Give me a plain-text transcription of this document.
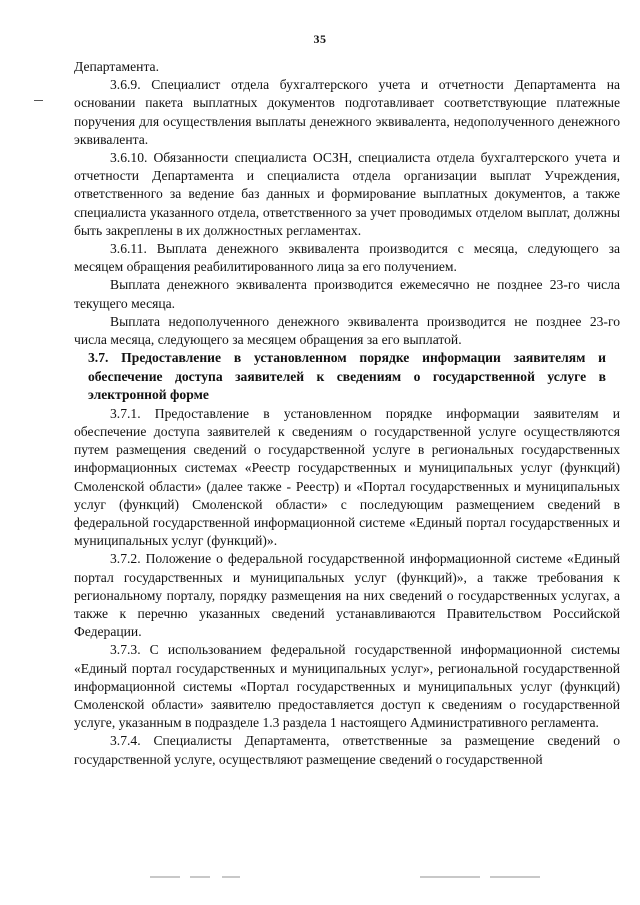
35

Департамента.

3.6.9. Специалист отдела бухгалтерского учета и отчетности Департамента на основании пакета выплатных документов подготавливает соответствующие платежные поручения для осуществления выплаты денежного эквивалента, недополученного денежного эквивалента.

3.6.10. Обязанности специалиста ОСЗН, специалиста отдела бухгалтерского учета и отчетности Департамента и специалиста отдела организации выплат Учреждения, ответственного за ведение баз данных и формирование выплатных документов, а также специалиста указанного отдела, ответственного за учет проводимых отделом выплат, должны быть закреплены в их должностных регламентах.

3.6.11. Выплата денежного эквивалента производится с месяца, следующего за месяцем обращения реабилитированного лица за его получением.

Выплата денежного эквивалента производится ежемесячно не позднее 23-го числа текущего месяца.

Выплата недополученного денежного эквивалента производится не позднее 23-го числа месяца, следующего за месяцем обращения за его выплатой.

3.7. Предоставление в установленном порядке информации заявителям и обеспечение доступа заявителей к сведениям о государственной услуге в электронной форме

3.7.1. Предоставление в установленном порядке информации заявителям и обеспечение доступа заявителей к сведениям о государственной услуге осуществляются путем размещения сведений о государственной услуге в региональных государственных информационных системах «Реестр государственных и муниципальных услуг (функций) Смоленской области» (далее также - Реестр) и «Портал государственных и муниципальных услуг (функций) Смоленской области» с последующим размещением сведений в федеральной государственной информационной системе «Единый портал государственных и муниципальных услуг (функций)».

3.7.2. Положение о федеральной государственной информационной системе «Единый портал государственных и муниципальных услуг (функций)», а также требования к региональному порталу, порядку размещения на них сведений о государственных услугах, а также к перечню указанных сведений устанавливаются Правительством Российской Федерации.

3.7.3. С использованием федеральной государственной информационной системы «Единый портал государственных и муниципальных услуг», региональной государственной информационной системы «Портал государственных и муниципальных услуг (функций) Смоленской области» заявителю предоставляется доступ к сведениям о государственной услуге, указанным в подразделе 1.3 раздела 1 настоящего Административного регламента.

3.7.4. Специалисты Департамента, ответственные за размещение сведений о государственной услуге, осуществляют размещение сведений о государственной
